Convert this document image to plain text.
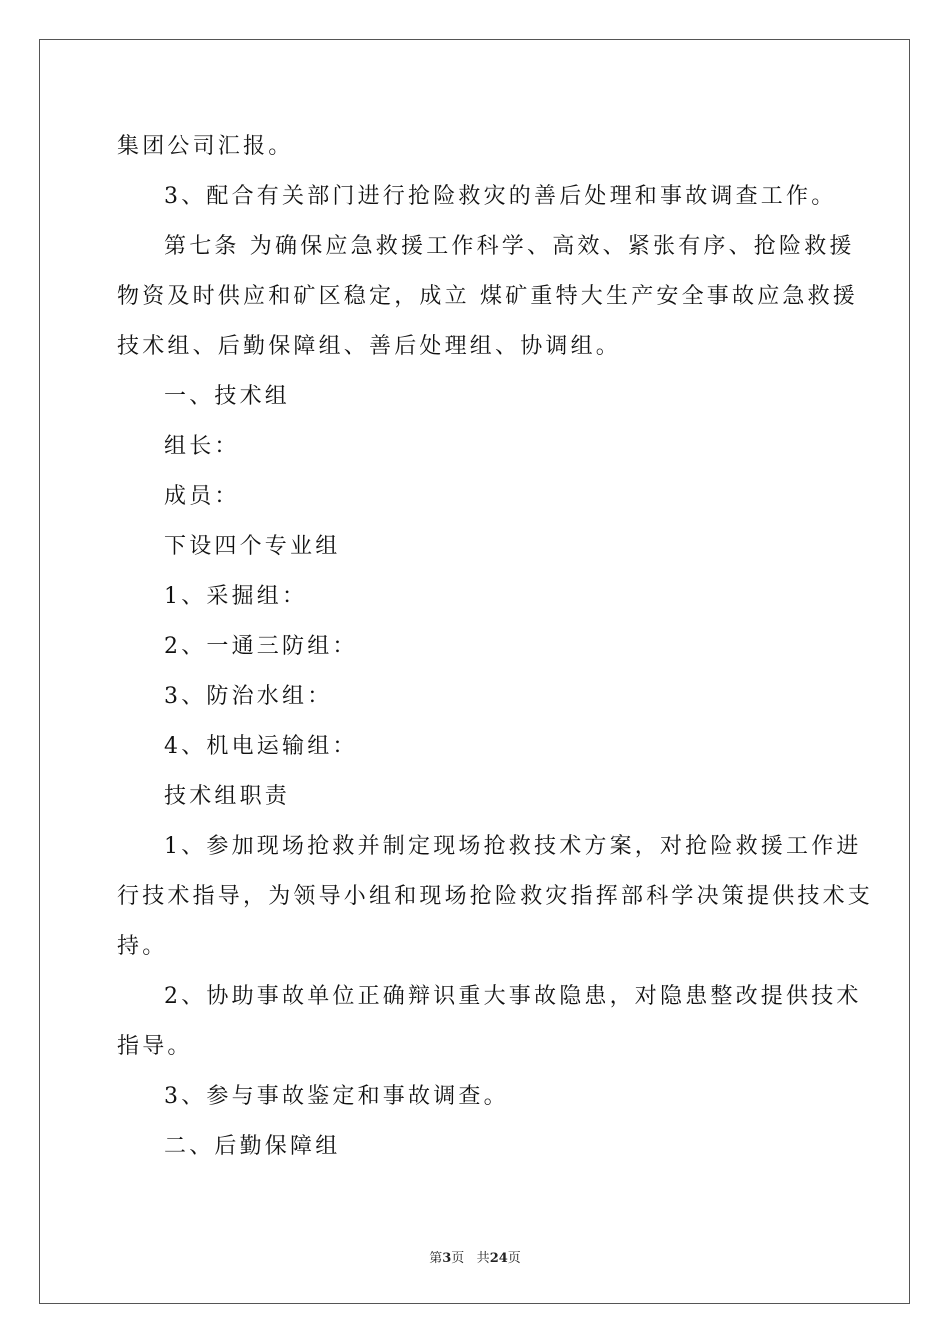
集团公司汇报。
3、配合有关部门进行抢险救灾的善后处理和事故调查工作。
第七条 为确保应急救援工作科学、高效、紧张有序、抢险救援
物资及时供应和矿区稳定，成立 煤矿重特大生产安全事故应急救援
技术组、后勤保障组、善后处理组、协调组。
一、技术组
组长：
成员：
下设四个专业组
1、采掘组：
2、一通三防组：
3、防治水组：
4、机电运输组：
技术组职责
1、参加现场抢救并制定现场抢救技术方案，对抢险救援工作进
行技术指导，为领导小组和现场抢险救灾指挥部科学决策提供技术支
持。
2、协助事故单位正确辩识重大事故隐患，对隐患整改提供技术
指导。
3、参与事故鉴定和事故调查。
二、后勤保障组
第3页 共24页
